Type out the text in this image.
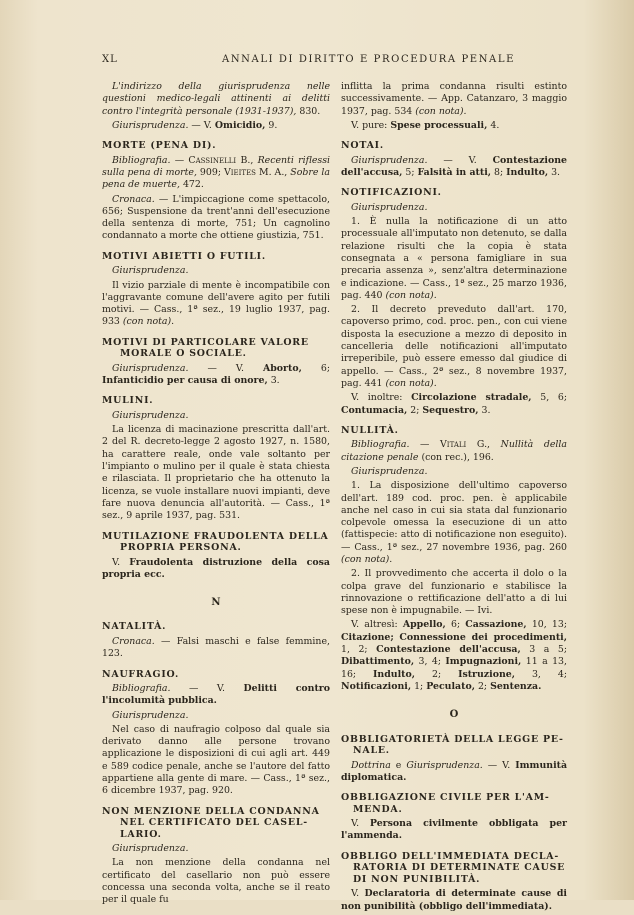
XL	ANNALI DI DIRITTO E PROCEDURA PENALE

L'indirizzo della giurisprudenza nelle questioni medico-legali attinenti ai delitti contro l'integrità personale (1931-1937), 830.

Giurisprudenza. — V. Omicidio, 9.

MORTE (PENA DI).

Bibliografia. — Cassinelli B., Recenti riflessi sulla pena di morte, 909; Vieites M. A., Sobre la pena de muerte, 472.

Cronaca. — L'impiccagione come spettacolo, 656; Suspensione da trent'anni dell'esecuzione della sentenza di morte, 751; Un cagnolino condannato a morte che ottiene giustizia, 751.

MOTIVI ABIETTI O FUTILI.

Giurisprudenza.

Il vizio parziale di mente è incompatibile con l'aggravante comune dell'avere agito per futili motivi. — Cass., 1ª sez., 19 luglio 1937, pag. 933 (con nota).

MOTIVI DI PARTICOLARE VALORE
MORALE O SOCIALE.

Giurisprudenza. — V. Aborto, 6; Infanticidio per causa di onore, 3.

MULINI.

Giurisprudenza.

La licenza di macinazione prescritta dall'art. 2 del R. decreto-legge 2 agosto 1927, n. 1580, ha carattere reale, onde vale soltanto per l'impianto o mulino per il quale è stata chiesta e rilasciata. Il proprietario che ha ottenuto la licenza, se vuole installare nuovi impianti, deve fare nuova denuncia all'autorità. — Cass., 1ª sez., 9 aprile 1937, pag. 531.

MUTILAZIONE FRAUDOLENTA DELLA
PROPRIA PERSONA.

V. Fraudolenta distruzione della cosa propria ecc.

N
NATALITÀ.

Cronaca. — Falsi maschi e false femmine, 123.

NAUFRAGIO.

Bibliografia. — V. Delitti contro l'incolumità pubblica.

Giurisprudenza.

Nel caso di naufragio colposo dal quale sia derivato danno alle persone trovano applicazione le disposizioni di cui agli art. 449 e 589 codice penale, anche se l'autore del fatto appartiene alla gente di mare. — Cass., 1ª sez., 6 dicembre 1937, pag. 920.

NON MENZIONE DELLA CONDANNA
NEL CERTIFICATO DEL CASEL-
LARIO.

Giurisprudenza.

La non menzione della condanna nel certificato del casellario non può essere concessa una seconda volta, anche se il reato per il quale fu

inflitta la prima condanna risulti estinto successivamente. — App. Catanzaro, 3 maggio 1937, pag. 534 (con nota).

V. pure: Spese processuali, 4.

NOTAI.

Giurisprudenza. — V. Contestazione dell'accusa, 5; Falsità in atti, 8; Indulto, 3.

NOTIFICAZIONI.

Giurisprudenza.

1. È nulla la notificazione di un atto processuale all'imputato non detenuto, se dalla relazione risulti che la copia è stata consegnata a « persona famigliare in sua precaria assenza », senz'altra determinazione e indicazione. — Cass., 1ª sez., 25 marzo 1936, pag. 440 (con nota).

2. Il decreto preveduto dall'art. 170, capoverso primo, cod. proc. pen., con cui viene disposta la esecuzione a mezzo di deposito in cancelleria delle notificazioni all'imputato irreperibile, può essere emesso dal giudice di appello. — Cass., 2ª sez., 8 novembre 1937, pag. 441 (con nota).

V. inoltre: Circolazione stradale, 5, 6; Contumacia, 2; Sequestro, 3.

NULLITÀ.

Bibliografia. — Vitali G., Nullità della citazione penale (con rec.), 196.

Giurisprudenza.

1. La disposizione dell'ultimo capoverso dell'art. 189 cod. proc. pen. è applicabile anche nel caso in cui sia stata dal funzionario colpevole omessa la esecuzione di un atto (fattispecie: atto di notificazione non eseguito). — Cass., 1ª sez., 27 novembre 1936, pag. 260 (con nota).

2. Il provvedimento che accerta il dolo o la colpa grave del funzionario e stabilisce la rinnovazione o rettificazione dell'atto a di lui spese non è impugnabile. — Ivi.

V. altresì: Appello, 6; Cassazione, 10, 13; Citazione; Connessione dei procedimenti, 1, 2; Contestazione dell'accusa, 3 a 5; Dibattimento, 3, 4; Impugnazioni, 11 a 13, 16; Indulto, 2; Istruzione, 3, 4; Notificazioni, 1; Peculato, 2; Sentenza.

O
OBBLIGATORIETÀ DELLA LEGGE PE-
NALE.

Dottrina e Giurisprudenza. — V. Immunità diplomatica.

OBBLIGAZIONE CIVILE PER L'AM-
MENDA.

V. Persona civilmente obbligata per l'ammenda.

OBBLIGO DELL'IMMEDIATA DECLA-
RATORIA DI DETERMINATE CAUSE
DI NON PUNIBILITÀ.

V. Declaratoria di determinate cause di non punibilità (obbligo dell'immediata).
